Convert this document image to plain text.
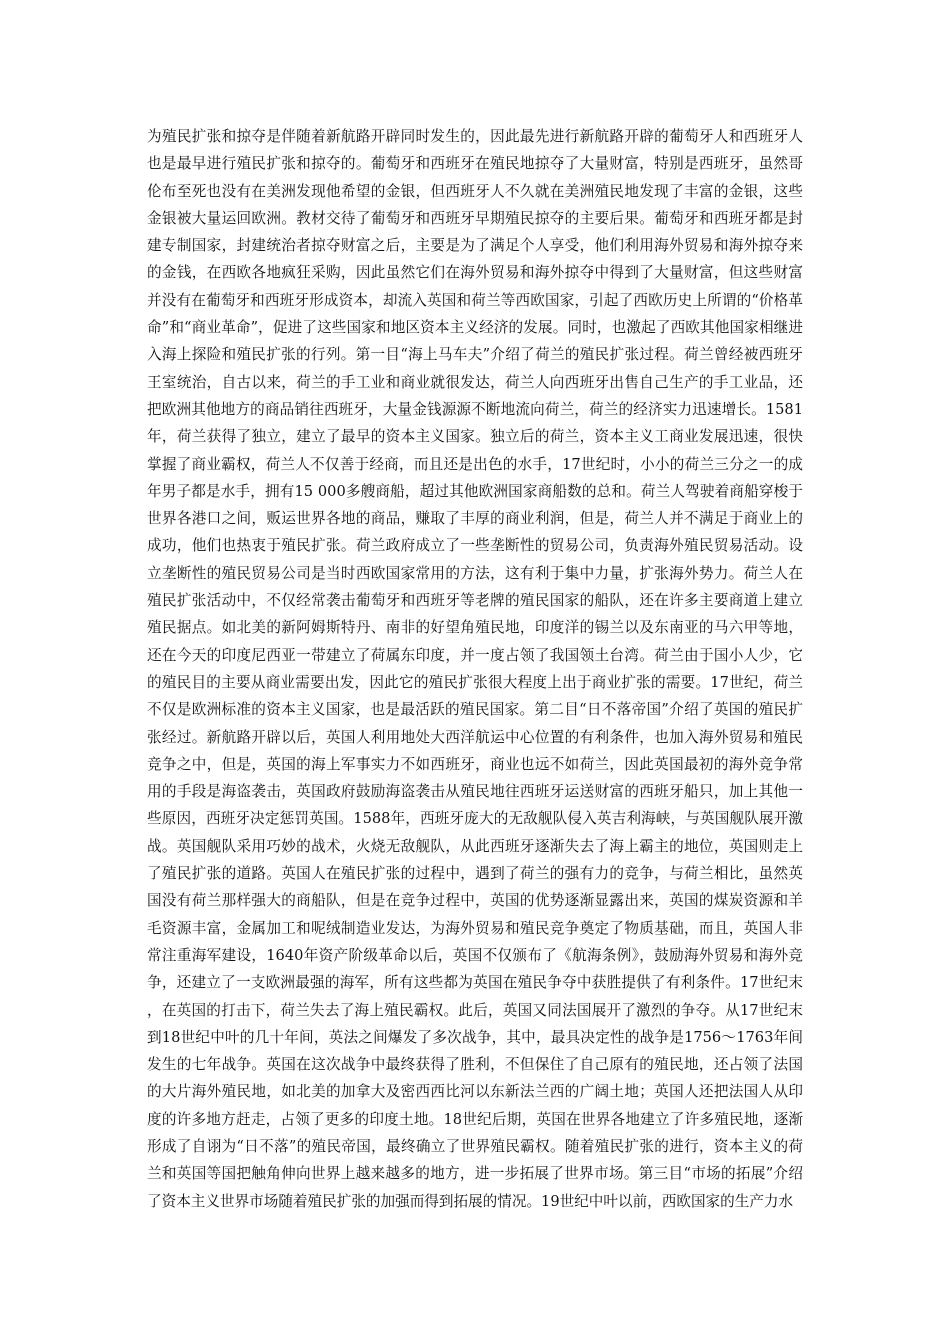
为殖民扩张和掠夺是伴随着新航路开辟同时发生的，因此最先进行新航路开辟的葡萄牙人和西班牙人也是最早进行殖民扩张和掠夺的。葡萄牙和西班牙在殖民地掠夺了大量财富，特别是西班牙，虽然哥伦布至死也没有在美洲发现他希望的金银，但西班牙人不久就在美洲殖民地发现了丰富的金银，这些金银被大量运回欧洲。教材交待了葡萄牙和西班牙早期殖民掠夺的主要后果。葡萄牙和西班牙都是封建专制国家，封建统治者掠夺财富之后，主要是为了满足个人享受，他们利用海外贸易和海外掠夺来的金钱，在西欧各地疯狂采购，因此虽然它们在海外贸易和海外掠夺中得到了大量财富，但这些财富并没有在葡萄牙和西班牙形成资本，却流入英国和荷兰等西欧国家，引起了西欧历史上所谓的“价格革命”和“商业革命”，促进了这些国家和地区资本主义经济的发展。同时，也激起了西欧其他国家相继进入海上探险和殖民扩张的行列。第一目“海上马车夫”介绍了荷兰的殖民扩张过程。荷兰曾经被西班牙王室统治，自古以来，荷兰的手工业和商业就很发达，荷兰人向西班牙出售自己生产的手工业品，还把欧洲其他地方的商品销往西班牙，大量金钱源源不断地流向荷兰，荷兰的经济实力迅速增长。1581年，荷兰获得了独立，建立了最早的资本主义国家。独立后的荷兰，资本主义工商业发展迅速，很快掌握了商业霸权，荷兰人不仅善于经商，而且还是出色的水手，17世纪时，小小的荷兰三分之一的成年男子都是水手，拥有15 000多艘商船，超过其他欧洲国家商船数的总和。荷兰人驾驶着商船穿梭于世界各港口之间，贩运世界各地的商品，赚取了丰厚的商业利润，但是，荷兰人并不满足于商业上的成功，他们也热衷于殖民扩张。荷兰政府成立了一些垄断性的贸易公司，负责海外殖民贸易活动。设立垄断性的殖民贸易公司是当时西欧国家常用的方法，这有利于集中力量，扩张海外势力。荷兰人在殖民扩张活动中，不仅经常袭击葡萄牙和西班牙等老牌的殖民国家的船队，还在许多主要商道上建立殖民据点。如北美的新阿姆斯特丹、南非的好望角殖民地，印度洋的锡兰以及东南亚的马六甲等地，还在今天的印度尼西亚一带建立了荷属东印度，并一度占领了我国领土台湾。荷兰由于国小人少，它的殖民目的主要从商业需要出发，因此它的殖民扩张很大程度上出于商业扩张的需要。17世纪，荷兰不仅是欧洲标准的资本主义国家，也是最活跃的殖民国家。第二目“日不落帝国”介绍了英国的殖民扩张经过。新航路开辟以后，英国人利用地处大西洋航运中心位置的有利条件，也加入海外贸易和殖民竞争之中，但是，英国的海上军事实力不如西班牙，商业也远不如荷兰，因此英国最初的海外竞争常用的手段是海盗袭击，英国政府鼓励海盗袭击从殖民地往西班牙运送财富的西班牙船只，加上其他一些原因，西班牙决定惩罚英国。1588年，西班牙庞大的无敌舰队侵入英吉利海峡，与英国舰队展开激战。英国舰队采用巧妙的战术，火烧无敌舰队，从此西班牙逐渐失去了海上霸主的地位，英国则走上了殖民扩张的道路。英国人在殖民扩张的过程中，遇到了荷兰的强有力的竞争，与荷兰相比，虽然英国没有荷兰那样强大的商船队，但是在竞争过程中，英国的优势逐渐显露出来，英国的煤炭资源和羊毛资源丰富，金属加工和呢绒制造业发达，为海外贸易和殖民竞争奠定了物质基础，而且，英国人非常注重海军建设，1640年资产阶级革命以后，英国不仅颁布了《航海条例》，鼓励海外贸易和海外竞争，还建立了一支欧洲最强的海军，所有这些都为英国在殖民争夺中获胜提供了有利条件。17世纪末，在英国的打击下，荷兰失去了海上殖民霸权。此后，英国又同法国展开了激烈的争夺。从17世纪末到18世纪中叶的几十年间，英法之间爆发了多次战争，其中，最具决定性的战争是1756～1763年间发生的七年战争。英国在这次战争中最终获得了胜利，不但保住了自己原有的殖民地，还占领了法国的大片海外殖民地，如北美的加拿大及密西西比河以东新法兰西的广阔土地；英国人还把法国人从印度的许多地方赶走，占领了更多的印度土地。18世纪后期，英国在世界各地建立了许多殖民地，逐渐形成了自诩为“日不落”的殖民帝国，最终确立了世界殖民霸权。随着殖民扩张的进行，资本主义的荷兰和英国等国把触角伸向世界上越来越多的地方，进一步拓展了世界市场。第三目“市场的拓展”介绍了资本主义世界市场随着殖民扩张的加强而得到拓展的情况。19世纪中叶以前，西欧国家的生产力水
